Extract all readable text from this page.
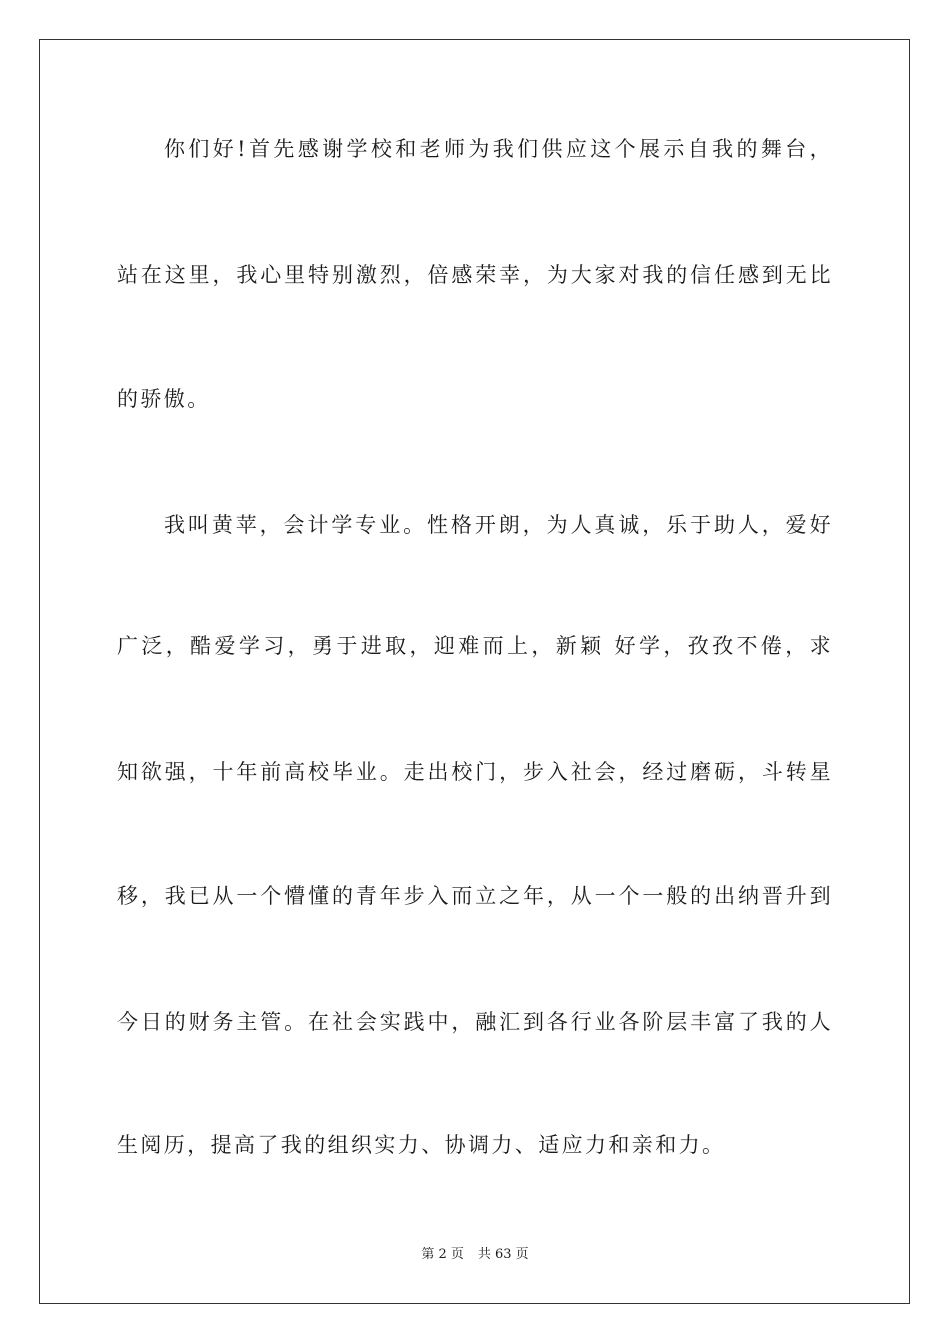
你们好!首先感谢学校和老师为我们供应这个展示自我的舞台，
站在这里，我心里特别激烈，倍感荣幸，为大家对我的信任感到无比
的骄傲。
我叫黄苹，会计学专业。性格开朗，为人真诚，乐于助人，爱好
广泛，酷爱学习，勇于进取，迎难而上，新颖 好学，孜孜不倦，求
知欲强，十年前高校毕业。走出校门，步入社会，经过磨砺，斗转星
移，我已从一个懵懂的青年步入而立之年，从一个一般的出纳晋升到
今日的财务主管。在社会实践中，融汇到各行业各阶层丰富了我的人
生阅历，提高了我的组织实力、协调力、适应力和亲和力。
第 2 页 共 63 页
